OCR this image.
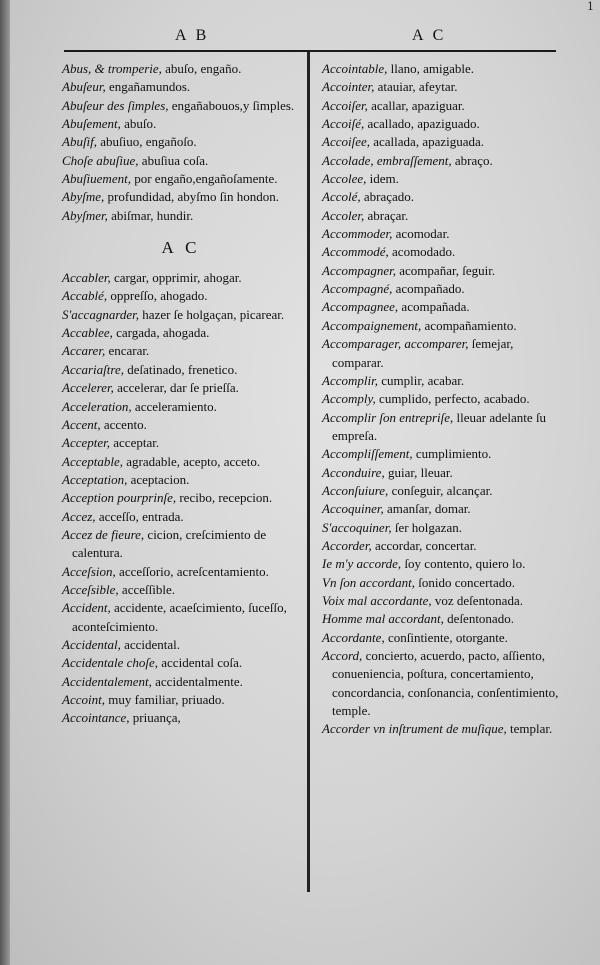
1
A B	A C

Abus, & tromperie, abuſo, engaño.

Abuſeur, engañamundos.

Abuſeur des ſimples, engañabouos,y ſimples.

Abuſement, abuſo.

Abuſif, abuſiuo, engañoſo.

Choſe abuſiue, abuſiua coſa.

Abuſiuement, por engaño,engañoſamente.

Abyſme, profundidad, abyſmo ſin hondon.

Abyſmer, abiſmar, hundir.

A C

Accabler, cargar, opprimir, ahogar.

Accablé, oppreſſo, ahogado.

S'accagnarder, hazer ſe holgaçan, picarear.

Accablee, cargada, ahogada.

Accarer, encarar.

Accariaſtre, deſatinado, frenetico.

Accelerer, accelerar, dar ſe prieſſa.

Acceleration, acceleramiento.

Accent, accento.

Accepter, acceptar.

Acceptable, agradable, acepto, acceto.

Acceptation, aceptacion.

Acception pourprinſe, recibo, recepcion.

Accez, acceſſo, entrada.

Accez de fieure, cicion, creſcimiento de calentura.

Acceſsion, acceſſorio, acreſcentamiento.

Acceſsible, acceſſible.

Accident, accidente, acaeſcimiento, ſuceſſo, aconteſcimiento.

Accidental, accidental.

Accidentale choſe, accidental coſa.

Accidentalement, accidentalmente.

Accoint, muy familiar, priuado.

Accointance, priuança,

Accointable, llano, amigable.

Accointer, atauiar, afeytar.

Accoiſer, acallar, apaziguar.

Accoiſé, acallado, apaziguado.

Accoiſee, acallada, apaziguada.

Accolade, embraſſement, abraço.

Accolee, idem.

Accolé, abraçado.

Accoler, abraçar.

Accommoder, acomodar.

Accommodé, acomodado.

Accompagner, acompañar, ſeguir.

Accompagné, acompañado.

Accompagnee, acompañada.

Accompaignement, acompañamiento.

Accomparager, accomparer, ſemejar, comparar.

Accomplir, cumplir, acabar.

Accomply, cumplido, perfecto, acabado.

Accomplir ſon entrepriſe, lleuar adelante ſu empreſa.

Accompliſſement, cumplimiento.

Acconduire, guiar, lleuar.

Acconſuiure, conſeguir, alcançar.

Accoquiner, amanſar, domar.

S'accoquiner, ſer holgazan.

Accorder, accordar, concertar.

Ie m'y accorde, ſoy contento, quiero lo.

Vn ſon accordant, ſonido concertado.

Voix mal accordante, voz deſentonada.

Homme mal accordant, deſentonado.

Accordante, conſintiente, otorgante.

Accord, concierto, acuerdo, pacto, aſſiento, conueniencia, poſtura, concertamiento, concordancia, conſonancia, conſentimiento, temple.

Accorder vn inſtrument de muſique, templar.
